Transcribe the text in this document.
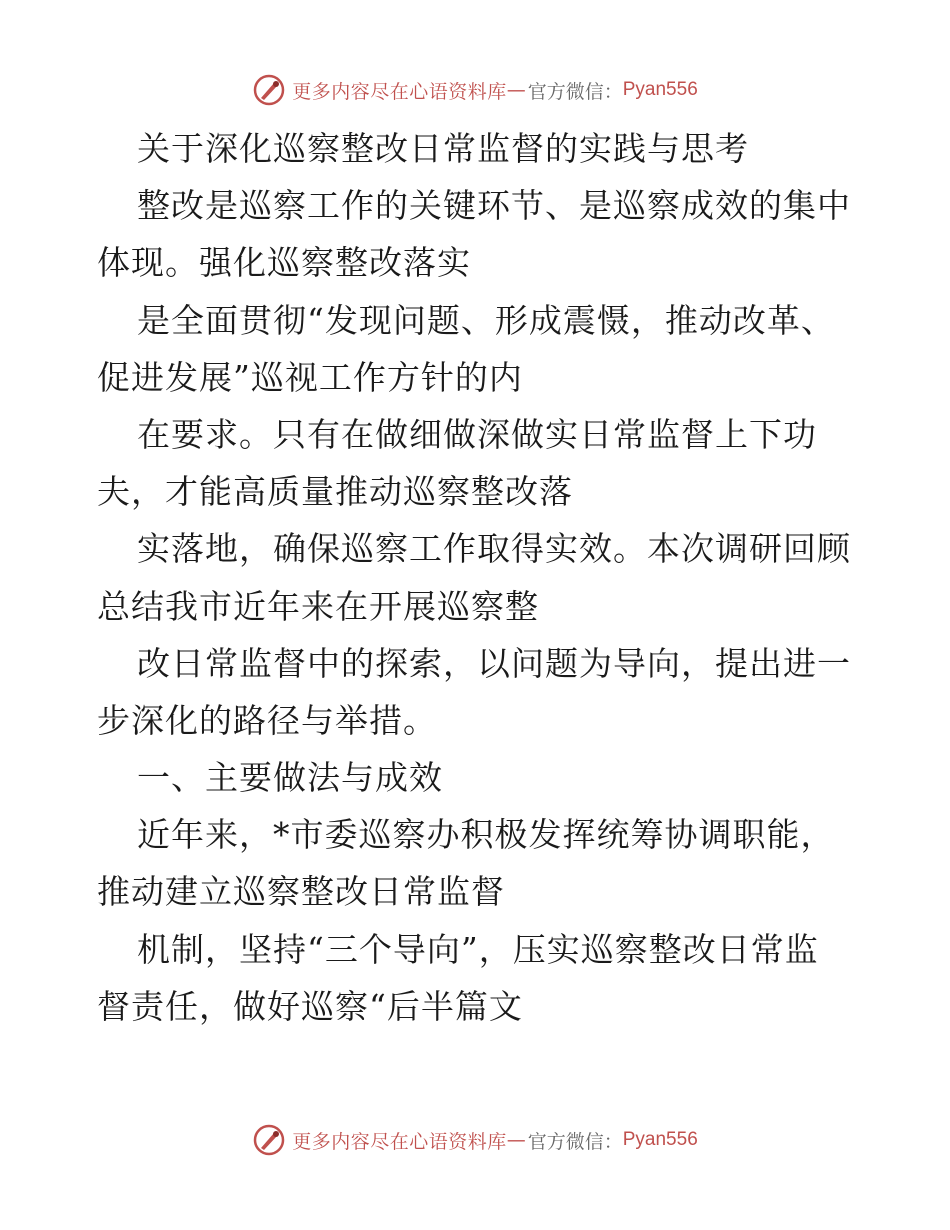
更多内容尽在心语资料库 — 官方微信： Pyan556
关于深化巡察整改日常监督的实践与思考
整改是巡察工作的关键环节、是巡察成效的集中
体现。强化巡察整改落实
是全面贯彻“发现问题、形成震慑，推动改革、
促进发展”巡视工作方针的内
在要求。只有在做细做深做实日常监督上下功
夫，才能高质量推动巡察整改落
实落地，确保巡察工作取得实效。本次调研回顾
总结我市近年来在开展巡察整
改日常监督中的探索，以问题为导向，提出进一
步深化的路径与举措。
一、主要做法与成效
近年来，*市委巡察办积极发挥统筹协调职能，
推动建立巡察整改日常监督
机制，坚持“三个导向”，压实巡察整改日常监
督责任，做好巡察“后半篇文
更多内容尽在心语资料库 — 官方微信： Pyan556
